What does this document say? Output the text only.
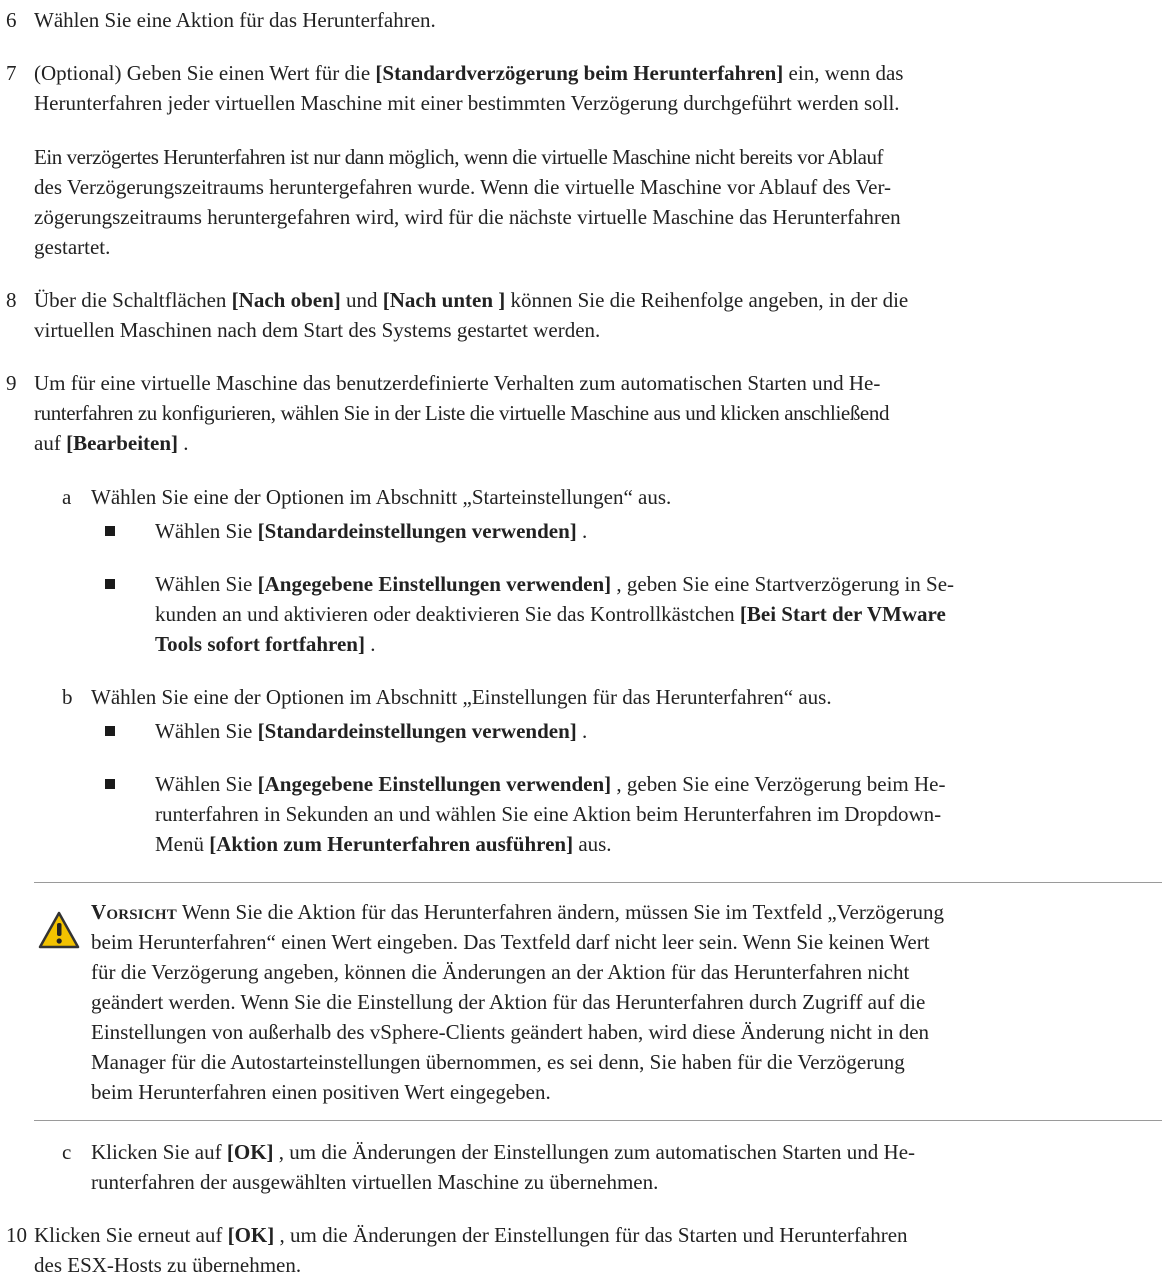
6 Wählen Sie eine Aktion für das Herunterfahren.
7 (Optional) Geben Sie einen Wert für die [Standardverzögerung beim Herunterfahren] ein, wenn das
Herunterfahren jeder virtuellen Maschine mit einer bestimmten Verzögerung durchgeführt werden soll.
Ein verzögertes Herunterfahren ist nur dann möglich, wenn die virtuelle Maschine nicht bereits vor Ablauf
des Verzögerungszeitraums heruntergefahren wurde. Wenn die virtuelle Maschine vor Ablauf des Ver-
zögerungszeitraums heruntergefahren wird, wird für die nächste virtuelle Maschine das Herunterfahren
gestartet.
8 Über die Schaltflächen [Nach oben] und [Nach unten ] können Sie die Reihenfolge angeben, in der die
virtuellen Maschinen nach dem Start des Systems gestartet werden.
9 Um für eine virtuelle Maschine das benutzerdefinierte Verhalten zum automatischen Starten und He-
runterfahren zu konfigurieren, wählen Sie in der Liste die virtuelle Maschine aus und klicken anschließend
auf [Bearbeiten] .
a Wählen Sie eine der Optionen im Abschnitt „Starteinstellungen“ aus.
Wählen Sie [Standardeinstellungen verwenden] .
Wählen Sie [Angegebene Einstellungen verwenden] , geben Sie eine Startverzögerung in Se-
kunden an und aktivieren oder deaktivieren Sie das Kontrollkästchen [Bei Start der VMware
Tools sofort fortfahren] .
b Wählen Sie eine der Optionen im Abschnitt „Einstellungen für das Herunterfahren“ aus.
Wählen Sie [Standardeinstellungen verwenden] .
Wählen Sie [Angegebene Einstellungen verwenden] , geben Sie eine Verzögerung beim He-
runterfahren in Sekunden an und wählen Sie eine Aktion beim Herunterfahren im Dropdown-
Menü [Aktion zum Herunterfahren ausführen] aus.
Vorsicht Wenn Sie die Aktion für das Herunterfahren ändern, müssen Sie im Textfeld „Verzögerung
beim Herunterfahren“ einen Wert eingeben. Das Textfeld darf nicht leer sein. Wenn Sie keinen Wert
für die Verzögerung angeben, können die Änderungen an der Aktion für das Herunterfahren nicht
geändert werden. Wenn Sie die Einstellung der Aktion für das Herunterfahren durch Zugriff auf die
Einstellungen von außerhalb des vSphere-Clients geändert haben, wird diese Änderung nicht in den
Manager für die Autostarteinstellungen übernommen, es sei denn, Sie haben für die Verzögerung
beim Herunterfahren einen positiven Wert eingegeben.
c Klicken Sie auf [OK] , um die Änderungen der Einstellungen zum automatischen Starten und He-
runterfahren der ausgewählten virtuellen Maschine zu übernehmen.
10 Klicken Sie erneut auf [OK] , um die Änderungen der Einstellungen für das Starten und Herunterfahren
des ESX-Hosts zu übernehmen.
